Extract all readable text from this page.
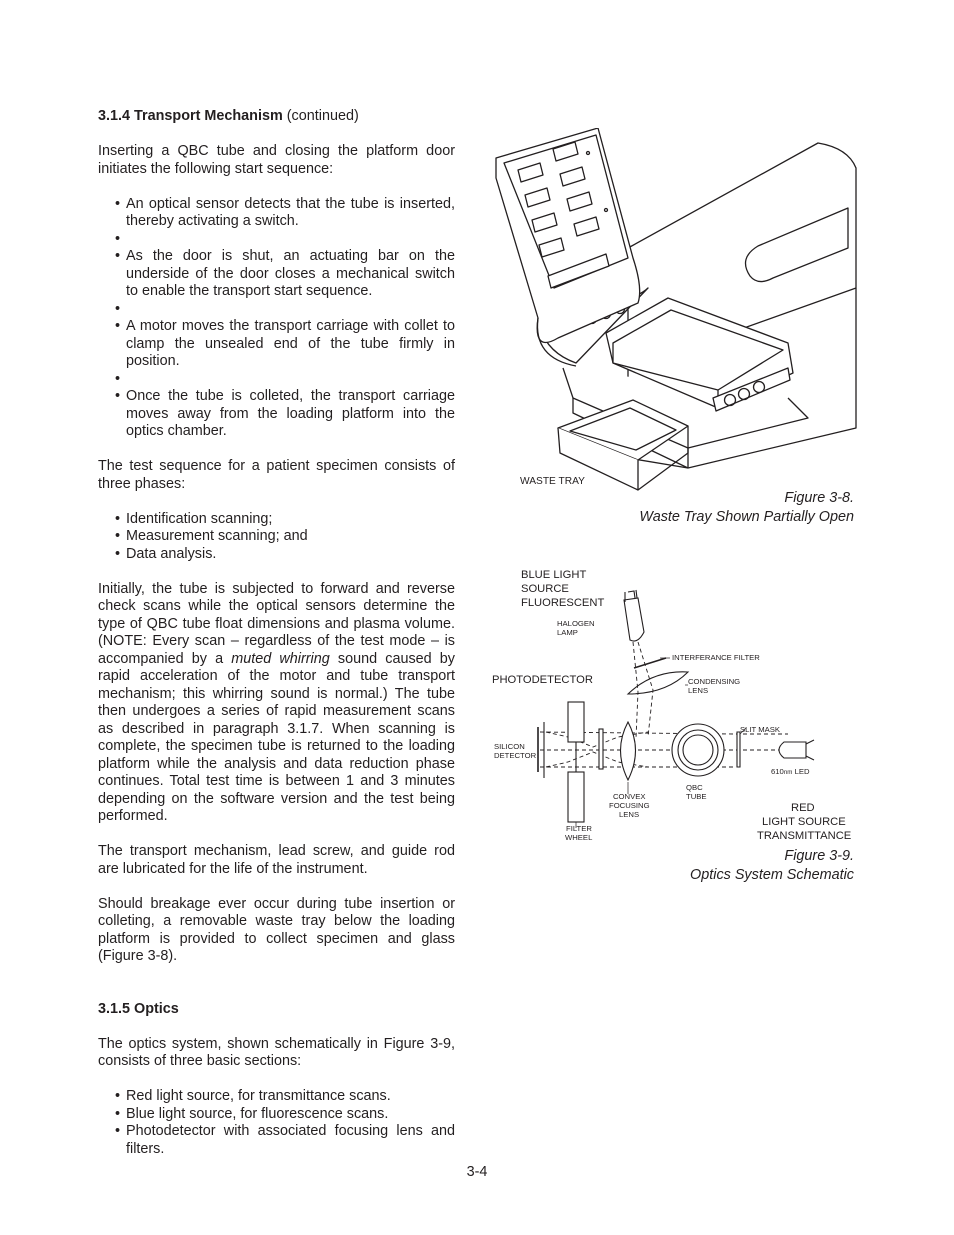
3.1.4 Transport Mechanism (continued)

Inserting a QBC tube and closing the platform door initiates the following start sequence:

• An optical sensor detects that the tube is inserted, thereby activating a switch.
•
• As the door is shut, an actuating bar on the underside of the door closes a mechanical switch to enable the transport start sequence.
•
• A motor moves the transport carriage with collet to clamp the unsealed end of the tube firmly in position.
•
• Once the tube is colleted, the transport carriage moves away from the loading platform into the optics chamber.

The test sequence for a patient specimen consists of three phases:

• Identification scanning;
• Measurement scanning; and
• Data analysis.

Initially, the tube is subjected to forward and reverse check scans while the optical sensors determine the type of QBC tube float dimensions and plasma volume. (NOTE: Every scan – regardless of the test mode – is accompanied by a muted whirring sound caused by rapid acceleration of the motor and tube transport mechanism; this whirring sound is normal.) The tube then undergoes a series of rapid measurement scans as described in paragraph 3.1.7. When scanning is complete, the specimen tube is returned to the loading platform while the analysis and data reduction phase continues. Total test time is between 1 and 3 minutes depending on the software version and the test being performed.

The transport mechanism, lead screw, and guide rod are lubricated for the life of the instrument.

Should breakage ever occur during tube insertion or colleting, a removable waste tray below the loading platform is provided to collect specimen and glass (Figure 3-8).

3.1.5 Optics

The optics system, shown schematically in Figure 3-9, consists of three basic sections:

• Red light source, for transmittance scans.
• Blue light source, for fluorescence scans.
• Photodetector with associated focusing lens and filters.
WASTE TRAY
Figure 3-8.
Waste Tray Shown Partially Open
BLUE LIGHT
SOURCE
FLUORESCENT
PHOTODETECTOR
RED
LIGHT SOURCE
TRANSMITTANCE
HALOGEN
LAMP
INTERFERANCE FILTER
CONDENSING
LENS
SLIT MASK
SILICON
DETECTOR
610nm LED
QBC
TUBE
CONVEX
FOCUSING
LENS
FILTER
WHEEL
Figure 3-9.
Optics System Schematic
3-4
